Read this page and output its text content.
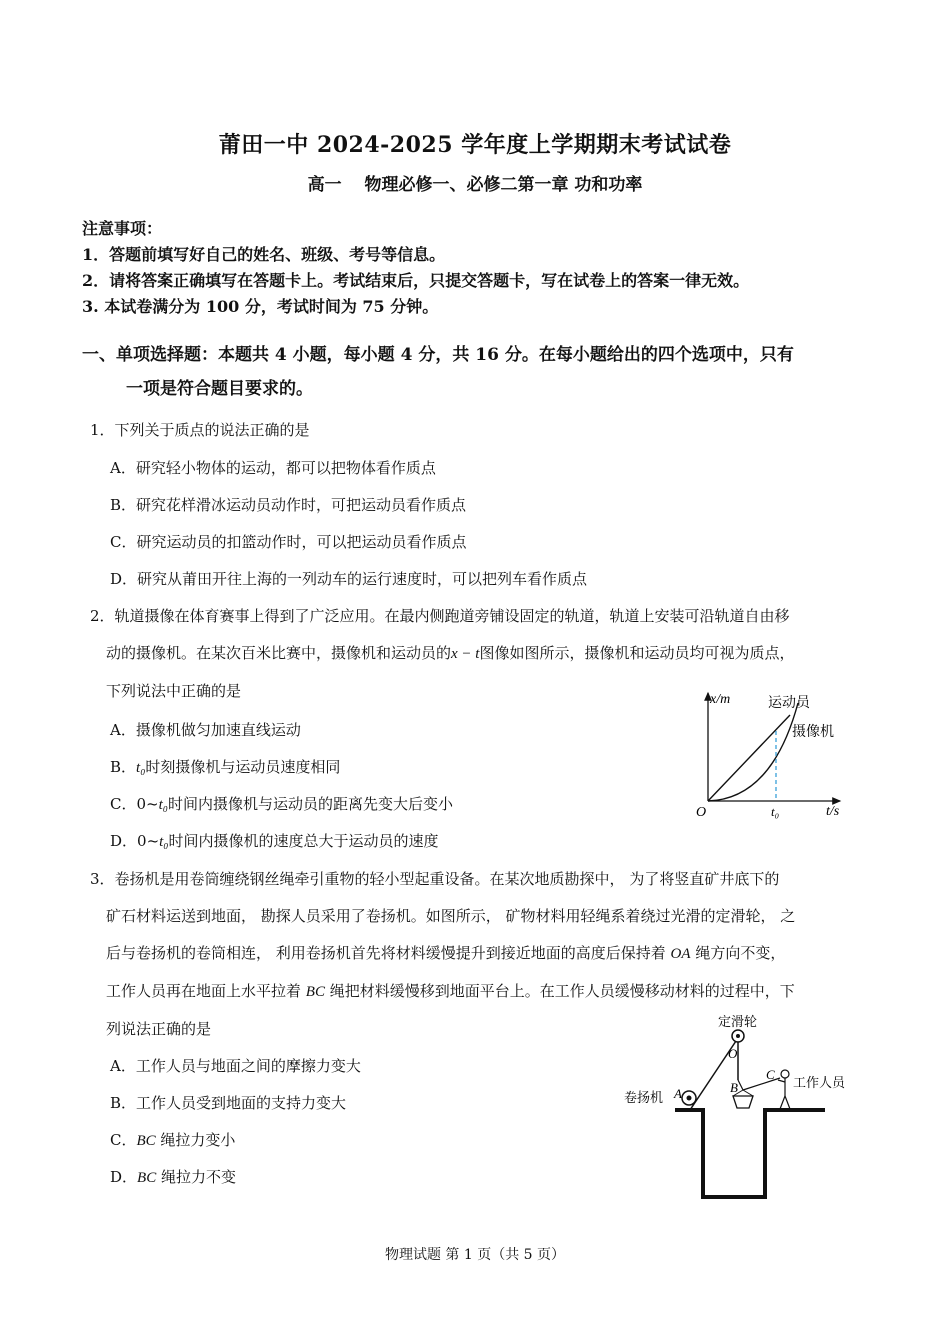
莆田一中 2024-2025 学年度上学期期末考试试卷
高一　 物理必修一、必修二第一章 功和功率
注意事项：
1．答题前填写好自己的姓名、班级、考号等信息。
2．请将答案正确填写在答题卡上。考试结束后，只提交答题卡，写在试卷上的答案一律无效。
3. 本试卷满分为 100 分，考试时间为 75 分钟。
一、单项选择题：本题共 4 小题，每小题 4 分，共 16 分。在每小题给出的四个选项中，只有
一项是符合题目要求的。
1．下列关于质点的说法正确的是
A．研究轻小物体的运动，都可以把物体看作质点
B．研究花样滑冰运动员动作时，可把运动员看作质点
C．研究运动员的扣篮动作时，可以把运动员看作质点
D．研究从莆田开往上海的一列动车的运行速度时，可以把列车看作质点
2．轨道摄像在体育赛事上得到了广泛应用。在最内侧跑道旁铺设固定的轨道，轨道上安装可沿轨道自由移
动的摄像机。在某次百米比赛中，摄像机和运动员的x − t图像如图所示，摄像机和运动员均可视为质点，
下列说法中正确的是
A．摄像机做匀加速直线运动
B．t₀时刻摄像机与运动员速度相同
C．0~t₀时间内摄像机与运动员的距离先变大后变小
D．0~t₀时间内摄像机的速度总大于运动员的速度
x/m
t/s
O	t₀
运动员
摄像机
3．卷扬机是用卷筒缠绕钢丝绳牵引重物的轻小型起重设备。在某次地质勘探中， 为了将竖直矿井底下的
矿石材料运送到地面， 勘探人员采用了卷扬机。如图所示， 矿物材料用轻绳系着绕过光滑的定滑轮， 之
后与卷扬机的卷筒相连， 利用卷扬机首先将材料缓慢提升到接近地面的高度后保持着 OA 绳方向不变，
工作人员再在地面上水平拉着 BC 绳把材料缓慢移到地面平台上。在工作人员缓慢移动材料的过程中，下
列说法正确的是
A．工作人员与地面之间的摩擦力变大
B．工作人员受到地面的支持力变大
C．BC 绳拉力变小
D．BC 绳拉力不变
定滑轮
O
A	B
C
卷扬机
工作人员
物理试题 第 1 页（共 5 页）
